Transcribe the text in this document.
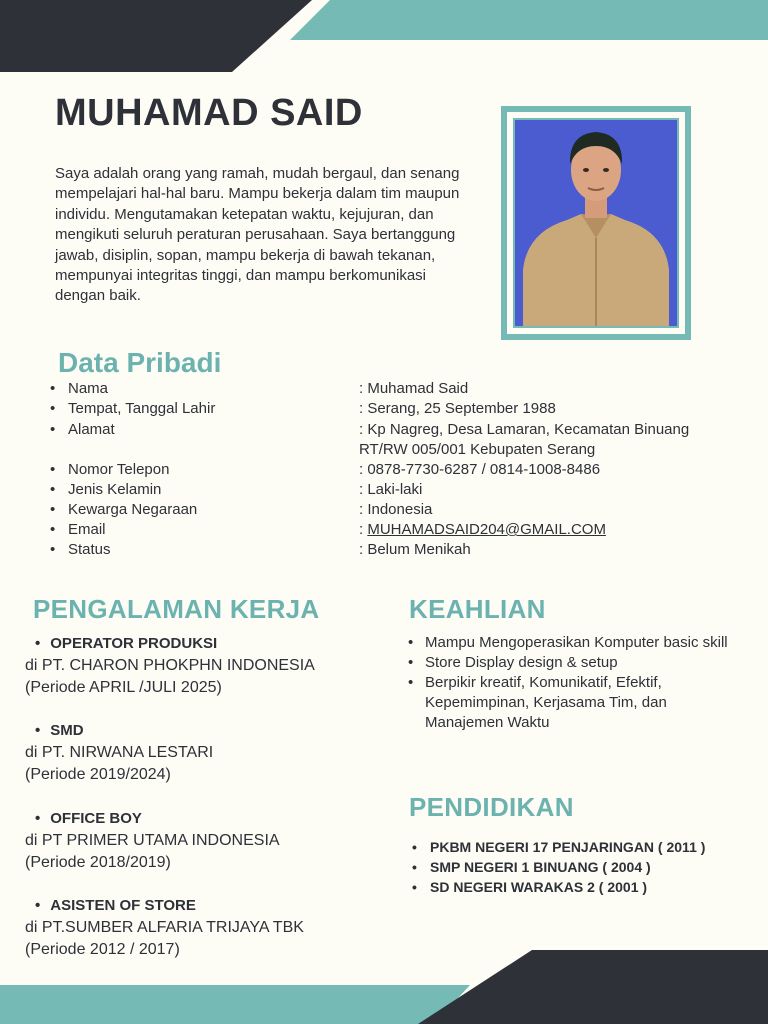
MUHAMAD SAID

Saya adalah orang yang ramah, mudah bergaul, dan senang mempelajari hal-hal baru. Mampu bekerja dalam tim maupun individu. Mengutamakan ketepatan waktu, kejujuran, dan mengikuti seluruh peraturan perusahaan. Saya bertanggung jawab, disiplin, sopan, mampu bekerja di bawah tekanan, mempunyai integritas tinggi, dan mampu berkomunikasi dengan baik.

Data Pribadi
• Nama	: Muhamad Said
• Tempat, Tanggal Lahir	: Serang, 25 September 1988
• Alamat	: Kp Nagreg, Desa Lamaran, Kecamatan Binuang RT/RW 005/001 Kebupaten Serang
• Nomor Telepon	: 0878-7730-6287 / 0814-1008-8486
• Jenis Kelamin	: Laki-laki
• Kewarga Negaraan	: Indonesia
• Email	: MUHAMADSAID204@GMAIL.COM
• Status	: Belum Menikah
PENGALAMAN KERJA
• OPERATOR PRODUKSI
di PT. CHARON PHOKPHN INDONESIA
(Periode APRIL /JULI 2025)
• SMD
di PT. NIRWANA LESTARI
(Periode 2019/2024)
• OFFICE BOY
di PT PRIMER UTAMA INDONESIA
(Periode 2018/2019)
• ASISTEN OF STORE
di PT.SUMBER ALFARIA TRIJAYA TBK
(Periode 2012 / 2017)
KEAHLIAN
• Mampu Mengoperasikan Komputer basic skill
• Store Display design & setup
• Berpikir kreatif, Komunikatif, Efektif, Kepemimpinan, Kerjasama Tim, dan Manajemen Waktu
PENDIDIKAN
• PKBM NEGERI 17 PENJARINGAN ( 2011 )
• SMP NEGERI 1 BINUANG ( 2004 )
• SD NEGERI WARAKAS 2 ( 2001 )
